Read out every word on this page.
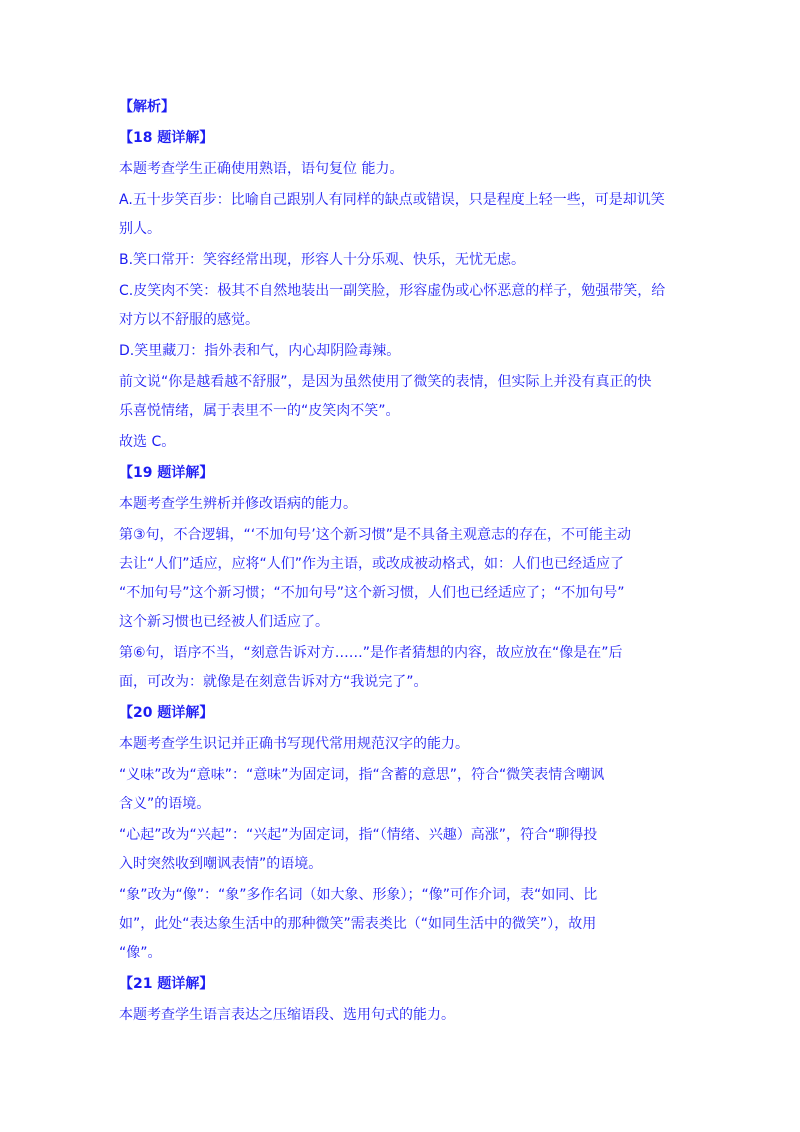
【解析】

【18 题详解】

本题考查学生正确使用熟语，语句复位 能力。

A.五十步笑百步：比喻自己跟别人有同样的缺点或错误，只是程度上轻一些，可是却讥笑

别人。

B.笑口常开：笑容经常出现，形容人十分乐观、快乐，无忧无虑。

C.皮笑肉不笑：极其不自然地装出一副笑脸，形容虚伪或心怀恶意的样子，勉强带笑，给

对方以不舒服的感觉。

D.笑里藏刀：指外表和气，内心却阴险毒辣。

前文说“你是越看越不舒服”，是因为虽然使用了微笑的表情，但实际上并没有真正的快

乐喜悦情绪，属于表里不一的“皮笑肉不笑”。

故选 C。

【19 题详解】

本题考查学生辨析并修改语病的能力。

第③句，不合逻辑，“‘不加句号’这个新习惯”是不具备主观意志的存在，不可能主动

去让“人们”适应，应将“人们”作为主语，或改成被动格式，如：人们也已经适应了

“不加句号”这个新习惯；“不加句号”这个新习惯，人们也已经适应了；“不加句号”

这个新习惯也已经被人们适应了。

第⑥句，语序不当，“刻意告诉对方……”是作者猜想的内容，故应放在“像是在”后

面，可改为：就像是在刻意告诉对方“我说完了”。

【20 题详解】

本题考查学生识记并正确书写现代常用规范汉字的能力。

“义味”改为“意味”：“意味”为固定词，指“含蓄的意思”，符合“微笑表情含嘲讽

含义”的语境。

“心起”改为“兴起”：“兴起”为固定词，指“（情绪、兴趣）高涨”，符合“聊得投

入时突然收到嘲讽表情”的语境。

“象”改为“像”：“象”多作名词（如大象、形象）；“像”可作介词，表“如同、比

如”，此处“表达象生活中的那种微笑”需表类比（“如同生活中的微笑”），故用

“像”。

【21 题详解】

本题考查学生语言表达之压缩语段、选用句式的能力。
